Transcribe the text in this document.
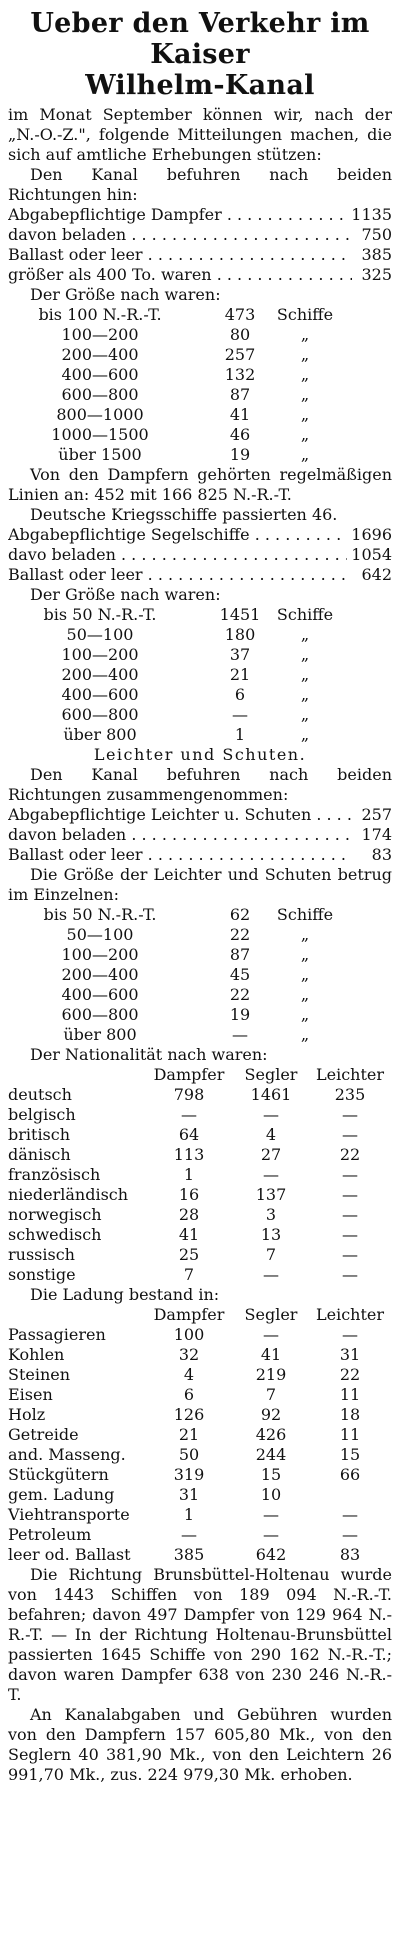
Ueber den Verkehr im Kaiser
Wilhelm-Kanal

im Monat September können wir, nach der „N.-O.-Z.", folgende Mitteilungen machen, die sich auf amtliche Erhebungen stützen:

Den Kanal befuhren nach beiden Richtungen hin:

Abgabepflichtige Dampfer . . .	1135
davon beladen . . .	750
Ballast oder leer . . .	385
größer als 400 To. waren . . .	325

Der Größe nach waren:

bis 100 N.-R.-T.	473	Schiffe
100—200	80	„
200—400	257	„
400—600	132	„
600—800	87	„
800—1000	41	„
1000—1500	46	„
über 1500	19	„

Von den Dampfern gehörten regelmäßigen Linien an: 452 mit 166 825 N.-R.-T.

Deutsche Kriegsschiffe passierten 46.

Abgabepflichtige Segelschiffe . . .	1696
davo beladen . . .	1054
Ballast oder leer . . .	642

Der Größe nach waren:

bis 50 N.-R.-T.	1451	Schiffe
50—100	180	„
100—200	37	„
200—400	21	„
400—600	6	„
600—800	—	„
über 800	1	„
Leichter und Schuten.

Den Kanal befuhren nach beiden Richtungen zusammengenommen:

Abgabepflichtige Leichter u. Schuten . . .	257
davon beladen . . .	174
Ballast oder leer . . .	83

Die Größe der Leichter und Schuten betrug im Einzelnen:

bis 50 N.-R.-T.	62	Schiffe
50—100	22	„
100—200	87	„
200—400	45	„
400—600	22	„
600—800	19	„
über 800	—	„

Der Nationalität nach waren:

Dampfer	Segler	Leichter
deutsch	798	1461	235
belgisch	—	—	—
britisch	64	4	—
dänisch	113	27	22
französisch	1	—	—
niederländisch	16	137	—
norwegisch	28	3	—
schwedisch	41	13	—
russisch	25	7	—
sonstige	7	—	—

Die Ladung bestand in:

Dampfer	Segler	Leichter
Passagieren	100	—	—
Kohlen	32	41	31
Steinen	4	219	22
Eisen	6	7	11
Holz	126	92	18
Getreide	21	426	11
and. Masseng.	50	244	15
Stückgütern	319	15	66
gem. Ladung	31	10
Viehtransporte	1	—	—
Petroleum	—	—	—
leer od. Ballast	385	642	83

Die Richtung Brunsbüttel-Holtenau wurde von 1443 Schiffen von 189 094 N.-R.-T. befahren; davon 497 Dampfer von 129 964 N.-R.-T. — In der Richtung Holtenau-Brunsbüttel passierten 1645 Schiffe von 290 162 N.-R.-T.; davon waren Dampfer 638 von 230 246 N.-R.-T.

An Kanalabgaben und Gebühren wurden von den Dampfern 157 605,80 Mk., von den Seglern 40 381,90 Mk., von den Leichtern 26 991,70 Mk., zus. 224 979,30 Mk. erhoben.
